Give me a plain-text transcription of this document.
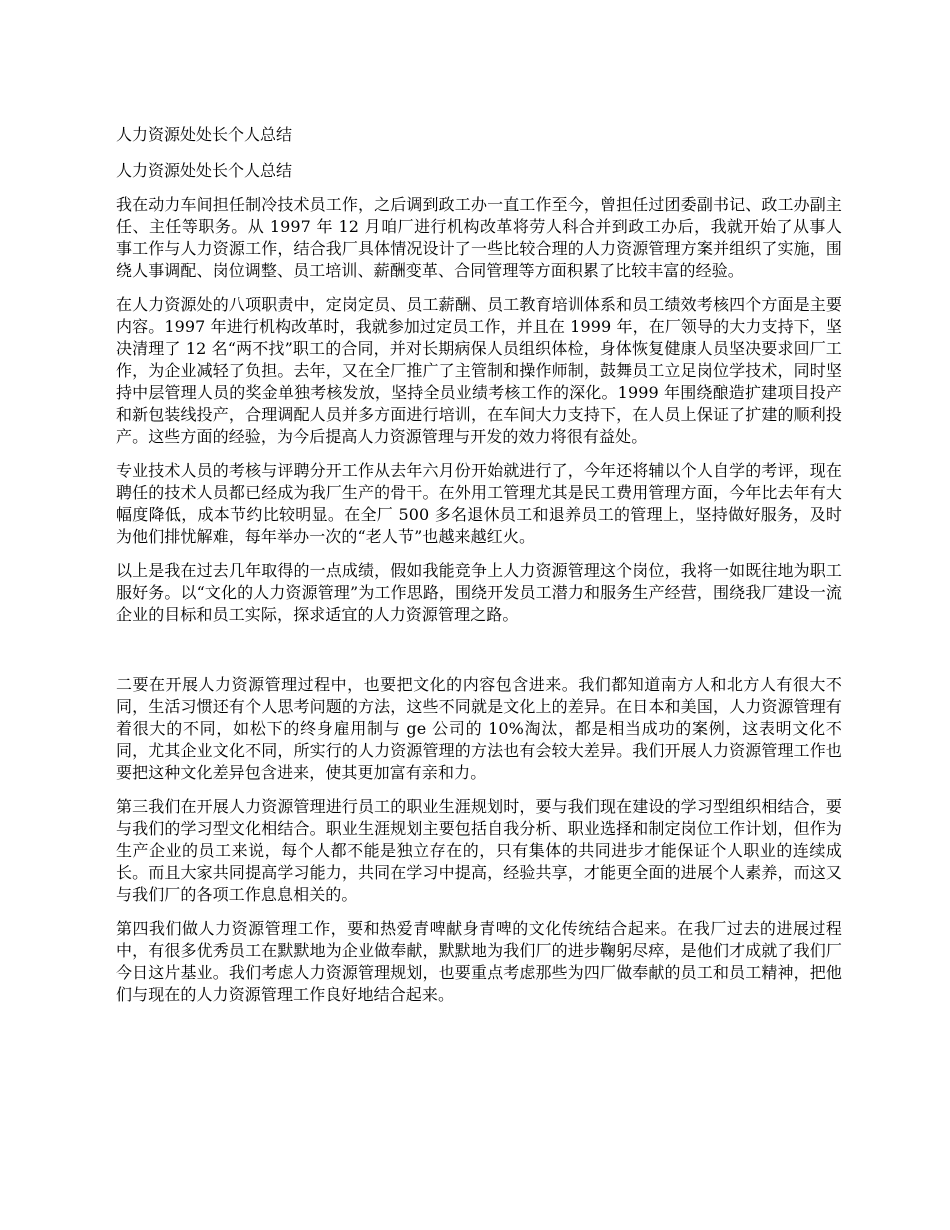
人力资源处处长个人总结
人力资源处处长个人总结

我在动力车间担任制冷技术员工作，之后调到政工办一直工作至今，曾担任过团委副书记、政工办副主任、主任等职务。从 1997 年 12 月咱厂进行机构改革将劳人科合并到政工办后，我就开始了从事人事工作与人力资源工作，结合我厂具体情况设计了一些比较合理的人力资源管理方案并组织了实施，围绕人事调配、岗位调整、员工培训、薪酬变革、合同管理等方面积累了比较丰富的经验。

在人力资源处的八项职责中，定岗定员、员工薪酬、员工教育培训体系和员工绩效考核四个方面是主要内容。1997 年进行机构改革时，我就参加过定员工作，并且在 1999 年，在厂领导的大力支持下，坚决清理了 12 名“两不找”职工的合同，并对长期病保人员组织体检，身体恢复健康人员坚决要求回厂工作，为企业减轻了负担。去年，又在全厂推广了主管制和操作师制，鼓舞员工立足岗位学技术，同时坚持中层管理人员的奖金单独考核发放，坚持全员业绩考核工作的深化。1999 年围绕酿造扩建项目投产和新包装线投产，合理调配人员并多方面进行培训，在车间大力支持下，在人员上保证了扩建的顺利投产。这些方面的经验，为今后提高人力资源管理与开发的效力将很有益处。

专业技术人员的考核与评聘分开工作从去年六月份开始就进行了，今年还将辅以个人自学的考评，现在聘任的技术人员都已经成为我厂生产的骨干。在外用工管理尤其是民工费用管理方面，今年比去年有大幅度降低，成本节约比较明显。在全厂 500 多名退休员工和退养员工的管理上，坚持做好服务，及时为他们排忧解难，每年举办一次的“老人节”也越来越红火。

以上是我在过去几年取得的一点成绩，假如我能竞争上人力资源管理这个岗位，我将一如既往地为职工服好务。以“文化的人力资源管理”为工作思路，围绕开发员工潜力和服务生产经营，围绕我厂建设一流企业的目标和员工实际，探求适宜的人力资源管理之路。

二要在开展人力资源管理过程中，也要把文化的内容包含进来。我们都知道南方人和北方人有很大不同，生活习惯还有个人思考问题的方法，这些不同就是文化上的差异。在日本和美国，人力资源管理有着很大的不同，如松下的终身雇用制与 ge 公司的 10%淘汰，都是相当成功的案例，这表明文化不同，尤其企业文化不同，所实行的人力资源管理的方法也有会较大差异。我们开展人力资源管理工作也要把这种文化差异包含进来，使其更加富有亲和力。

第三我们在开展人力资源管理进行员工的职业生涯规划时，要与我们现在建设的学习型组织相结合，要与我们的学习型文化相结合。职业生涯规划主要包括自我分析、职业选择和制定岗位工作计划，但作为生产企业的员工来说，每个人都不能是独立存在的，只有集体的共同进步才能保证个人职业的连续成长。而且大家共同提高学习能力，共同在学习中提高，经验共享，才能更全面的进展个人素养，而这又与我们厂的各项工作息息相关的。

第四我们做人力资源管理工作，要和热爱青啤献身青啤的文化传统结合起来。在我厂过去的进展过程中，有很多优秀员工在默默地为企业做奉献，默默地为我们厂的进步鞠躬尽瘁，是他们才成就了我们厂今日这片基业。我们考虑人力资源管理规划，也要重点考虑那些为四厂做奉献的员工和员工精神，把他们与现在的人力资源管理工作良好地结合起来。
